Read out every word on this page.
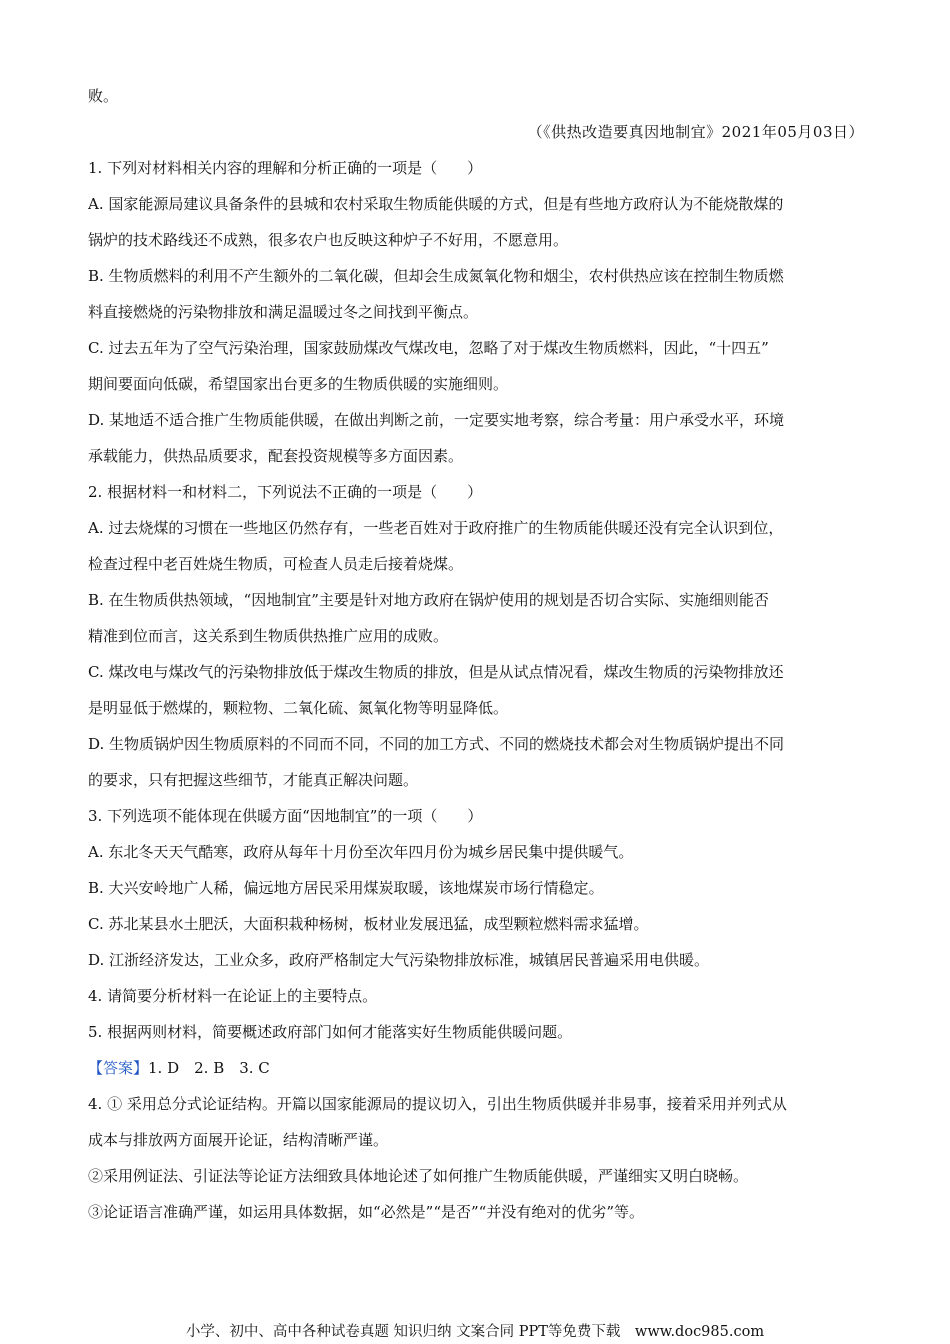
败。
（《供热改造要真因地制宜》2021年05月03日）
1. 下列对材料相关内容的理解和分析正确的一项是（　　）
A. 国家能源局建议具备条件的县城和农村采取生物质能供暖的方式，但是有些地方政府认为不能烧散煤的
锅炉的技术路线还不成熟，很多农户也反映这种炉子不好用，不愿意用。
B. 生物质燃料的利用不产生额外的二氧化碳，但却会生成氮氧化物和烟尘，农村供热应该在控制生物质燃
料直接燃烧的污染物排放和满足温暖过冬之间找到平衡点。
C. 过去五年为了空气污染治理，国家鼓励煤改气煤改电，忽略了对于煤改生物质燃料，因此，“十四五”
期间要面向低碳，希望国家出台更多的生物质供暖的实施细则。
D. 某地适不适合推广生物质能供暖，在做出判断之前，一定要实地考察，综合考量：用户承受水平，环境
承载能力，供热品质要求，配套投资规模等多方面因素。
2. 根据材料一和材料二，下列说法不正确的一项是（　　）
A. 过去烧煤的习惯在一些地区仍然存有，一些老百姓对于政府推广的生物质能供暖还没有完全认识到位，
检查过程中老百姓烧生物质，可检查人员走后接着烧煤。
B. 在生物质供热领域，“因地制宜”主要是针对地方政府在锅炉使用的规划是否切合实际、实施细则能否
精准到位而言，这关系到生物质供热推广应用的成败。
C. 煤改电与煤改气的污染物排放低于煤改生物质的排放，但是从试点情况看，煤改生物质的污染物排放还
是明显低于燃煤的，颗粒物、二氧化硫、氮氧化物等明显降低。
D. 生物质锅炉因生物质原料的不同而不同，不同的加工方式、不同的燃烧技术都会对生物质锅炉提出不同
的要求，只有把握这些细节，才能真正解决问题。
3. 下列选项不能体现在供暖方面“因地制宜”的一项（　　）
A. 东北冬天天气酷寒，政府从每年十月份至次年四月份为城乡居民集中提供暖气。
B. 大兴安岭地广人稀，偏远地方居民采用煤炭取暖，该地煤炭市场行情稳定。
C. 苏北某县水土肥沃，大面积栽种杨树，板材业发展迅猛，成型颗粒燃料需求猛增。
D. 江浙经济发达，工业众多，政府严格制定大气污染物排放标准，城镇居民普遍采用电供暖。
4. 请简要分析材料一在论证上的主要特点。
5. 根据两则材料，简要概述政府部门如何才能落实好生物质能供暖问题。
【答案】1. D　2. B　3. C
4. ① 采用总分式论证结构。开篇以国家能源局的提议切入，引出生物质供暖并非易事，接着采用并列式从
成本与排放两方面展开论证，结构清晰严谨。
②采用例证法、引证法等论证方法细致具体地论述了如何推广生物质能供暖，严谨细实又明白晓畅。
③论证语言准确严谨，如运用具体数据，如“必然是”“是否”“并没有绝对的优劣”等。
小学、初中、高中各种试卷真题 知识归纳 文案合同 PPT等免费下载　www.doc985.com
